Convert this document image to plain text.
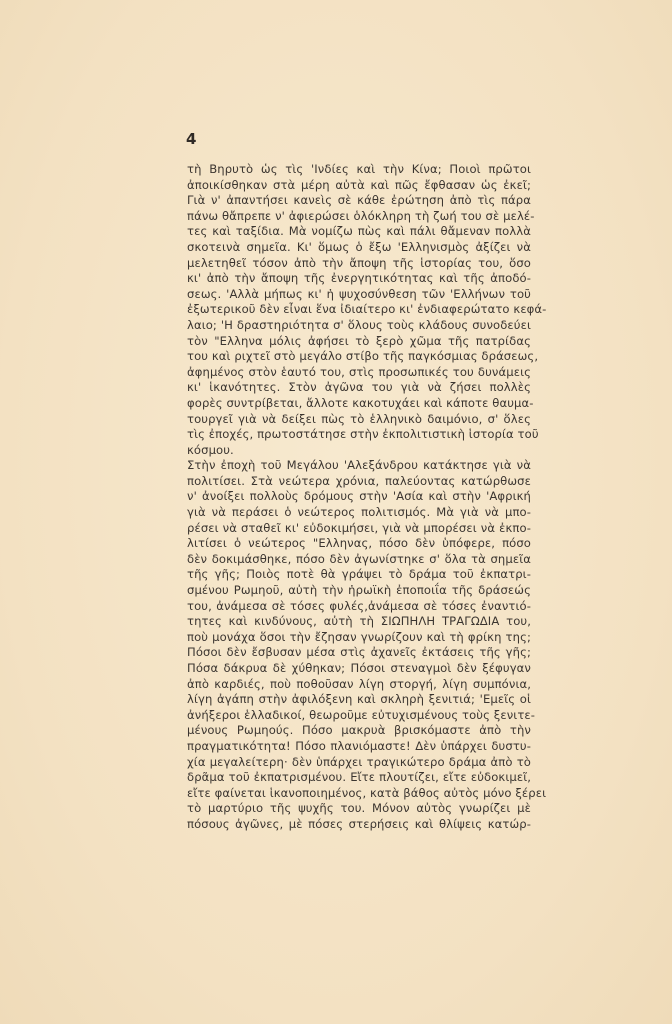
4
τὴ Βηρυτὸ ὡς τὶς 'Ινδίες καὶ τὴν Κίνα; Ποιοὶ πρῶτοι
ἀποικίσθηκαν στὰ μέρη αὐτὰ καὶ πῶς ἔφθασαν ὡς ἐκεῖ;
Γιὰ ν' ἀπαντήσει κανεὶς σὲ κάθε ἐρώτηση ἀπὸ τὶς πάρα
πάνω θἄπρεπε ν' ἀφιερώσει ὁλόκληρη τὴ ζωή του σὲ μελέ-
τες καὶ ταξίδια. Μὰ νομίζω πὼς καὶ πάλι θἄμεναν πολλὰ
σκοτεινὰ σημεῖα. Κι' ὅμως ὁ ἔξω 'Ελληνισμὸς ἀξίζει νὰ
μελετηθεῖ τόσον ἀπὸ τὴν ἄποψη τῆς ἱστορίας του, ὅσο
κι' ἀπὸ τὴν ἄποψη τῆς ἐνεργητικότητας καὶ τῆς ἀποδό-
σεως. 'Αλλὰ μήπως κι' ἡ ψυχοσύνθεση τῶν 'Ελλήνων τοῦ
ἐξωτερικοῦ δὲν εἶναι ἕνα ἰδιαίτερο κι' ἐνδιαφερώτατο κεφά-
λαιο; 'Η δραστηριότητα σ' ὅλους τοὺς κλάδους συνοδεύει
τὸν "Ελληνα μόλις ἀφήσει τὸ ξερὸ χῶμα τῆς πατρίδας
του καὶ ριχτεῖ στὸ μεγάλο στίβο τῆς παγκόσμιας δράσεως,
ἀφημένος στὸν ἑαυτό του, στὶς προσωπικές του δυνάμεις
κι' ἱκανότητες. Στὸν ἀγῶνα του γιὰ νὰ ζήσει πολλὲς
φορὲς συντρίβεται, ἄλλοτε κακοτυχάει καὶ κάποτε θαυμα-
τουργεῖ γιὰ νὰ δείξει πὼς τὸ ἑλληνικὸ δαιμόνιο, σ' ὅλες
τὶς ἐποχές, πρωτοστάτησε στὴν ἐκπολιτιστικὴ ἱστορία τοῦ
κόσμου.
Στὴν ἐποχὴ τοῦ Μεγάλου 'Αλεξάνδρου κατάκτησε γιὰ νὰ
πολιτίσει. Στὰ νεώτερα χρόνια, παλεύοντας κατώρθωσε
ν' ἀνοίξει πολλοὺς δρόμους στὴν 'Ασία καὶ στὴν 'Αφρική
γιὰ νὰ περάσει ὁ νεώτερος πολιτισμός. Μὰ γιὰ νὰ μπο-
ρέσει νὰ σταθεῖ κι' εὐδοκιμήσει, γιὰ νὰ μπορέσει νὰ ἐκπο-
λιτίσει ὁ νεώτερος "Ελληνας, πόσο δὲν ὑπόφερε, πόσο
δὲν δοκιμάσθηκε, πόσο δὲν ἀγωνίστηκε σ' ὅλα τὰ σημεῖα
τῆς γῆς; Ποιὸς ποτὲ θὰ γράψει τὸ δράμα τοῦ ἐκπατρι-
σμένου Ρωμηοῦ, αὐτὴ τὴν ἡρωϊκὴ ἐποποιΐα τῆς δράσεώς
του, ἀνάμεσα σὲ τόσες φυλές,ἀνάμεσα σὲ τόσες ἐναντιό-
τητες καὶ κινδύνους, αὐτὴ τὴ ΣΙΩΠΗΛΗ ΤΡΑΓΩΔΙΑ του,
ποὺ μονάχα ὅσοι τὴν ἔζησαν γνωρίζουν καὶ τὴ φρίκη της;
Πόσοι δὲν ἔσβυσαν μέσα στὶς ἀχανεῖς ἐκτάσεις τῆς γῆς;
Πόσα δάκρυα δὲ χύθηκαν; Πόσοι στεναγμοὶ δὲν ξέφυγαν
ἀπὸ καρδιές, ποὺ ποθοῦσαν λίγη στοργή, λίγη συμπόνια,
λίγη ἀγάπη στὴν ἀφιλόξενη καὶ σκληρὴ ξενιτιά; 'Εμεῖς οἱ
ἀνήξεροι ἑλλαδικοί, θεωροῦμε εὐτυχισμένους τοὺς ξενιτε-
μένους Ρωμηούς. Πόσο μακρυὰ βρισκόμαστε ἀπὸ τὴν
πραγματικότητα! Πόσο πλανιόμαστε! Δὲν ὑπάρχει δυστυ-
χία μεγαλείτερη· δὲν ὑπάρχει τραγικώτερο δράμα ἀπὸ τὸ
δρᾶμα τοῦ ἐκπατρισμένου. Εἴτε πλουτίζει, εἴτε εὐδοκιμεῖ,
εἴτε φαίνεται ἱκανοποιημένος, κατὰ βάθος αὐτὸς μόνο ξέρει
τὸ μαρτύριο τῆς ψυχῆς του. Μόνον αὐτὸς γνωρίζει μὲ
πόσους ἀγῶνες, μὲ πόσες στερήσεις καὶ θλίψεις κατώρ-
